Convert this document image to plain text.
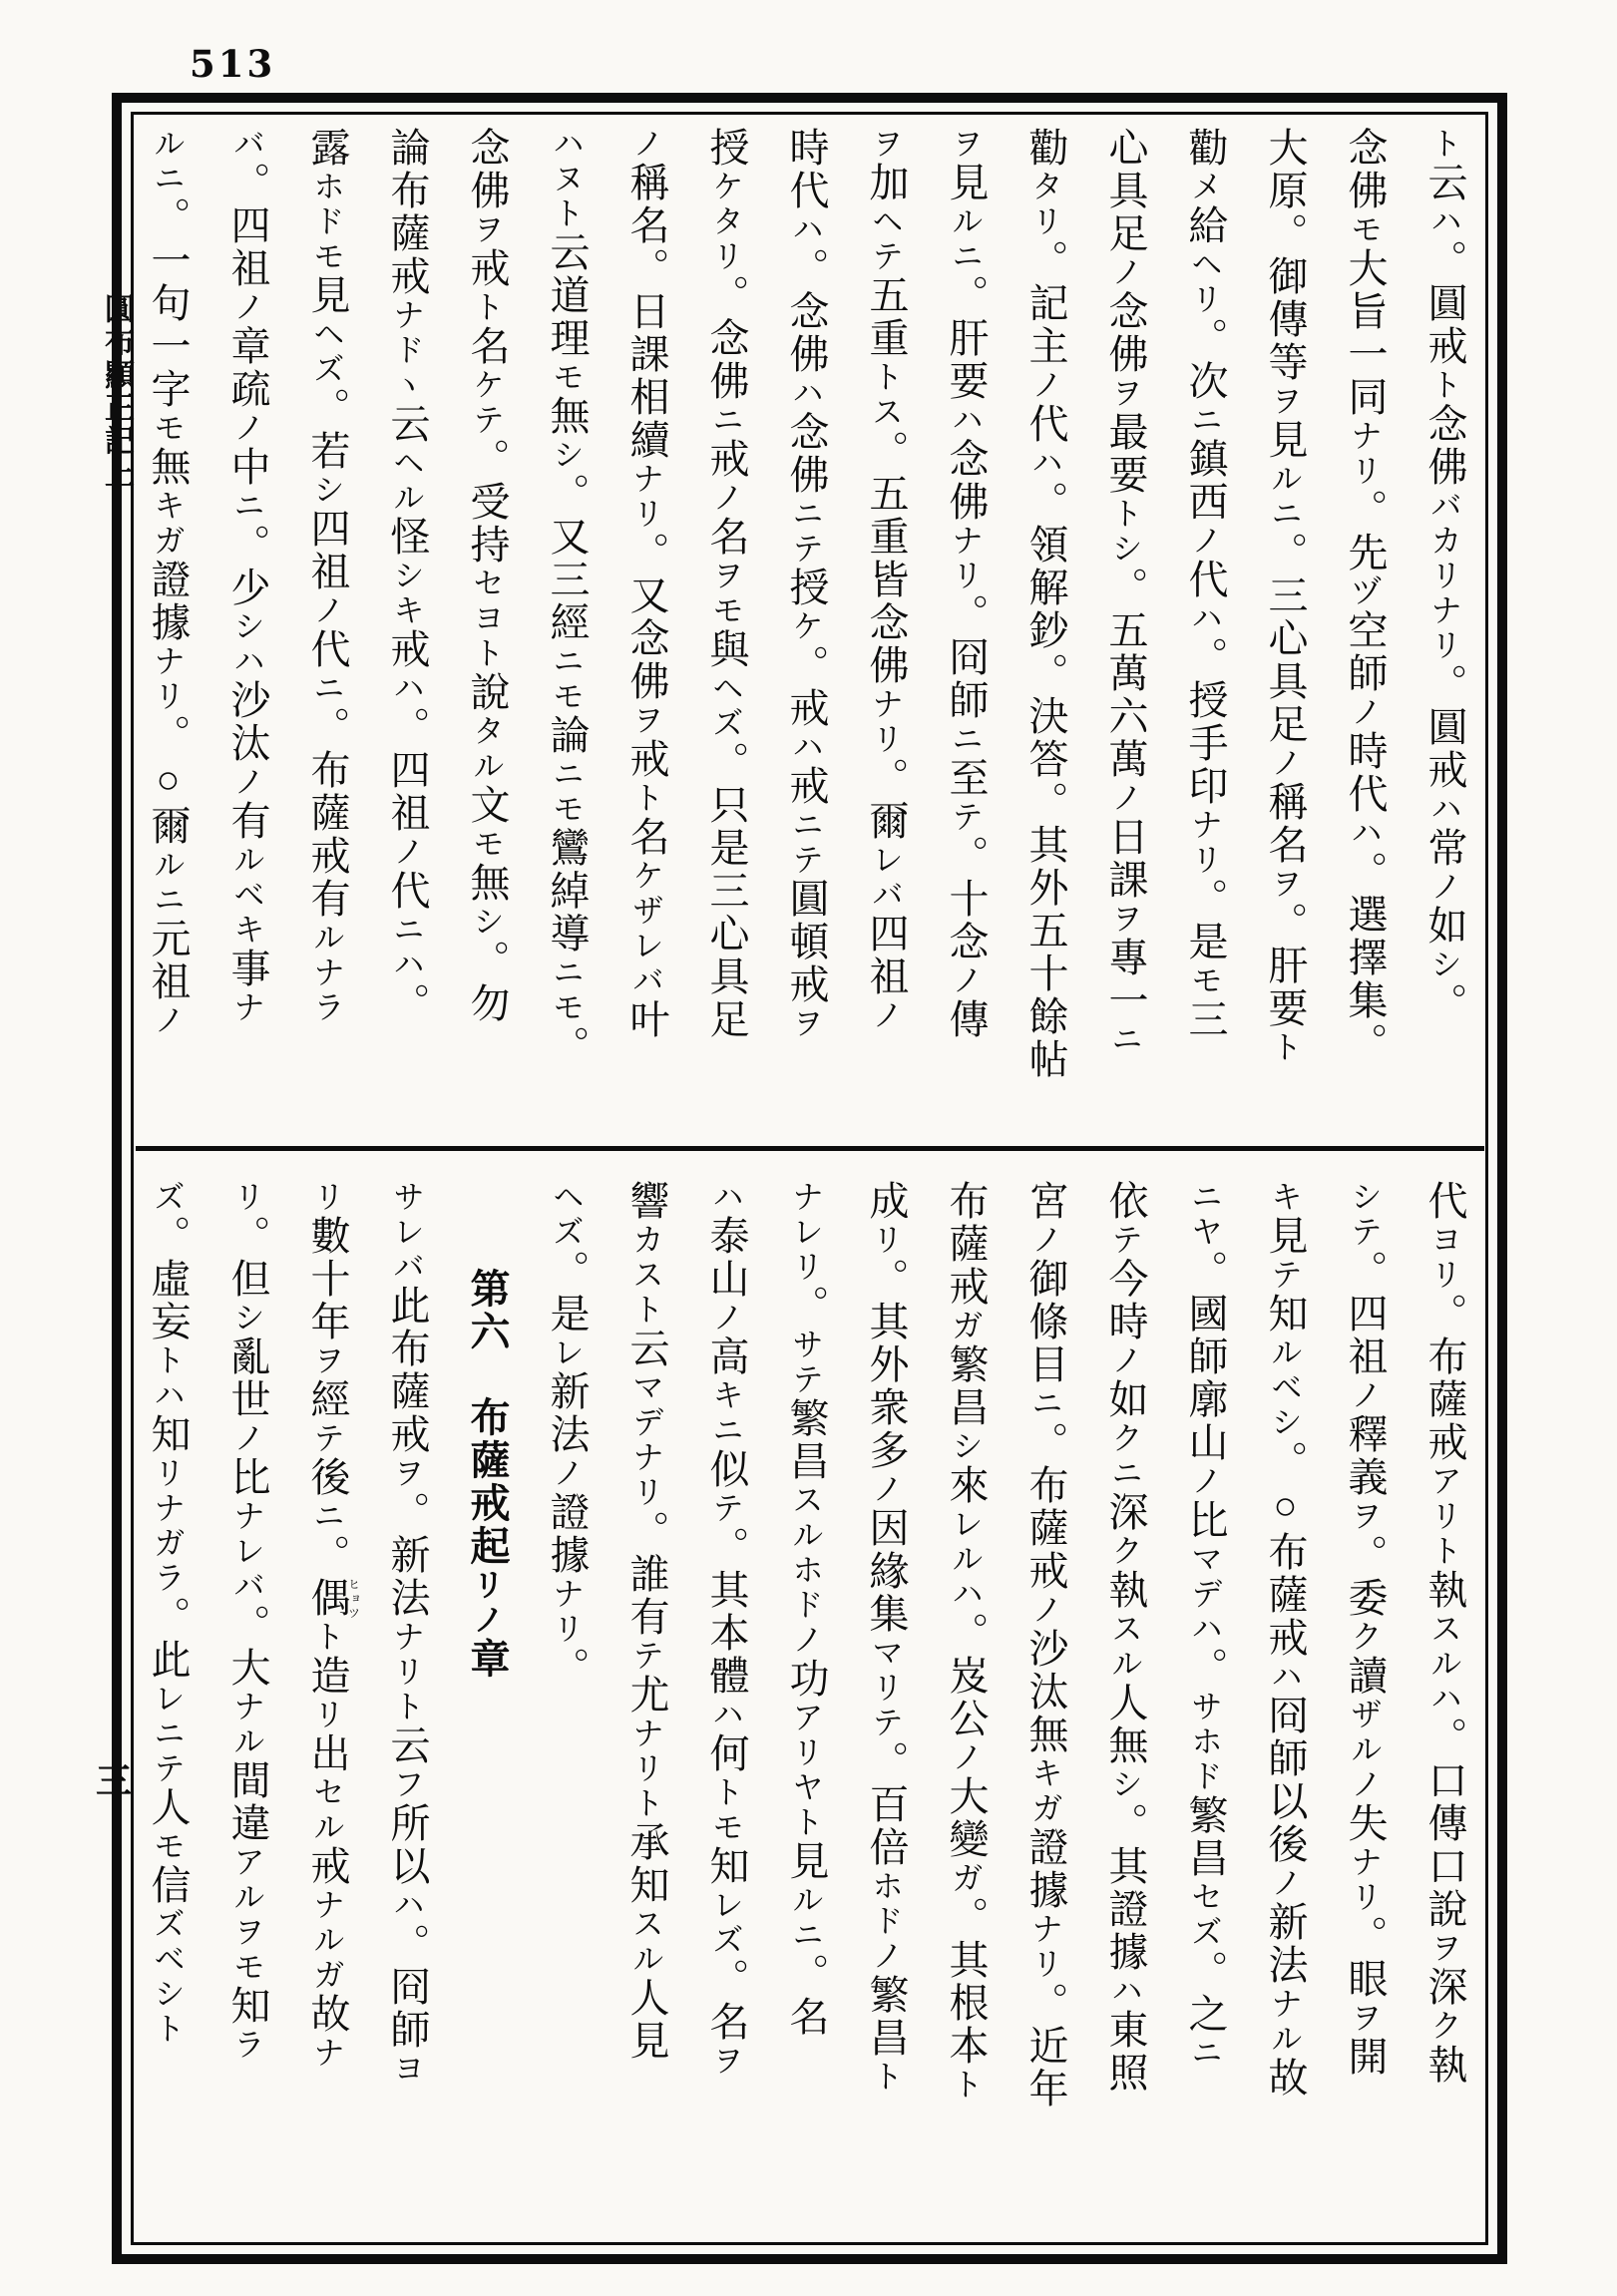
513
圓布顯正記上
三
ト云ハ。圓戒ト念佛バカリナリ。圓戒ハ常ノ如シ。
念佛モ大旨一同ナリ。先ヅ空師ノ時代ハ。選擇集。
大原。御傳等ヲ見ルニ。三心具足ノ稱名ヲ。肝要ト
勸メ給ヘリ。次ニ鎮西ノ代ハ。授手印ナリ。是モ三
心具足ノ念佛ヲ最要トシ。五萬六萬ノ日課ヲ專一ニ
勸タリ。記主ノ代ハ。領解鈔。決答。其外五十餘帖
ヲ見ルニ。肝要ハ念佛ナリ。冏師ニ至テ。十念ノ傳
ヲ加ヘテ五重トス。五重皆念佛ナリ。爾レバ四祖ノ
時代ハ。念佛ハ念佛ニテ授ケ。戒ハ戒ニテ圓頓戒ヲ
授ケタリ。念佛ニ戒ノ名ヲモ與ヘズ。只是三心具足
ノ稱名。日課相續ナリ。又念佛ヲ戒ト名ケザレバ叶
ハヌト云道理モ無シ。又三經ニモ論ニモ鸞綽導ニモ。
念佛ヲ戒ト名ケテ。受持セヨト說タル文モ無シ。勿
論布薩戒ナドヽ云ヘル怪シキ戒ハ。四祖ノ代ニハ。
露ホドモ見ヘズ。若シ四祖ノ代ニ。布薩戒有ルナラ
バ。四祖ノ章疏ノ中ニ。少シハ沙汰ノ有ルベキ事ナ
ルニ。一句一字モ無キガ證據ナリ。○爾ルニ元祖ノ
代ヨリ。布薩戒アリト執スルハ。口傳口說ヲ深ク執
シテ。四祖ノ釋義ヲ。委ク讀ザルノ失ナリ。眼ヲ開
キ見テ知ルベシ。○布薩戒ハ冏師以後ノ新法ナル故
ニヤ。國師廓山ノ比マデハ。サホド繁昌セズ。之ニ
依テ今時ノ如クニ深ク執スル人無シ。其證據ハ東照
宮ノ御條目ニ。布薩戒ノ沙汰無キガ證據ナリ。近年
布薩戒ガ繁昌シ來レルハ。岌公ノ大變ガ。其根本ト
成リ。其外衆多ノ因緣集マリテ。百倍ホドノ繁昌ト
ナレリ。サテ繁昌スルホドノ功アリヤト見ルニ。名
ハ泰山ノ高キニ似テ。其本體ハ何トモ知レズ。名ヲ
響カスト云マデナリ。誰有テ尤ナリト承知スル人見
ヘズ。是レ新法ノ證據ナリ。
第六　布薩戒起リノ章
サレバ此布薩戒ヲ。新法ナリト云フ所以ハ。冏師ヨ
リ數十年ヲ經テ後ニ。偶ヒョツト造リ出セル戒ナルガ故ナ
リ。但シ亂世ノ比ナレバ。大ナル間違アルヲモ知ラ
ズ。虛妄トハ知リナガラ。此レニテ人モ信ズベシト
